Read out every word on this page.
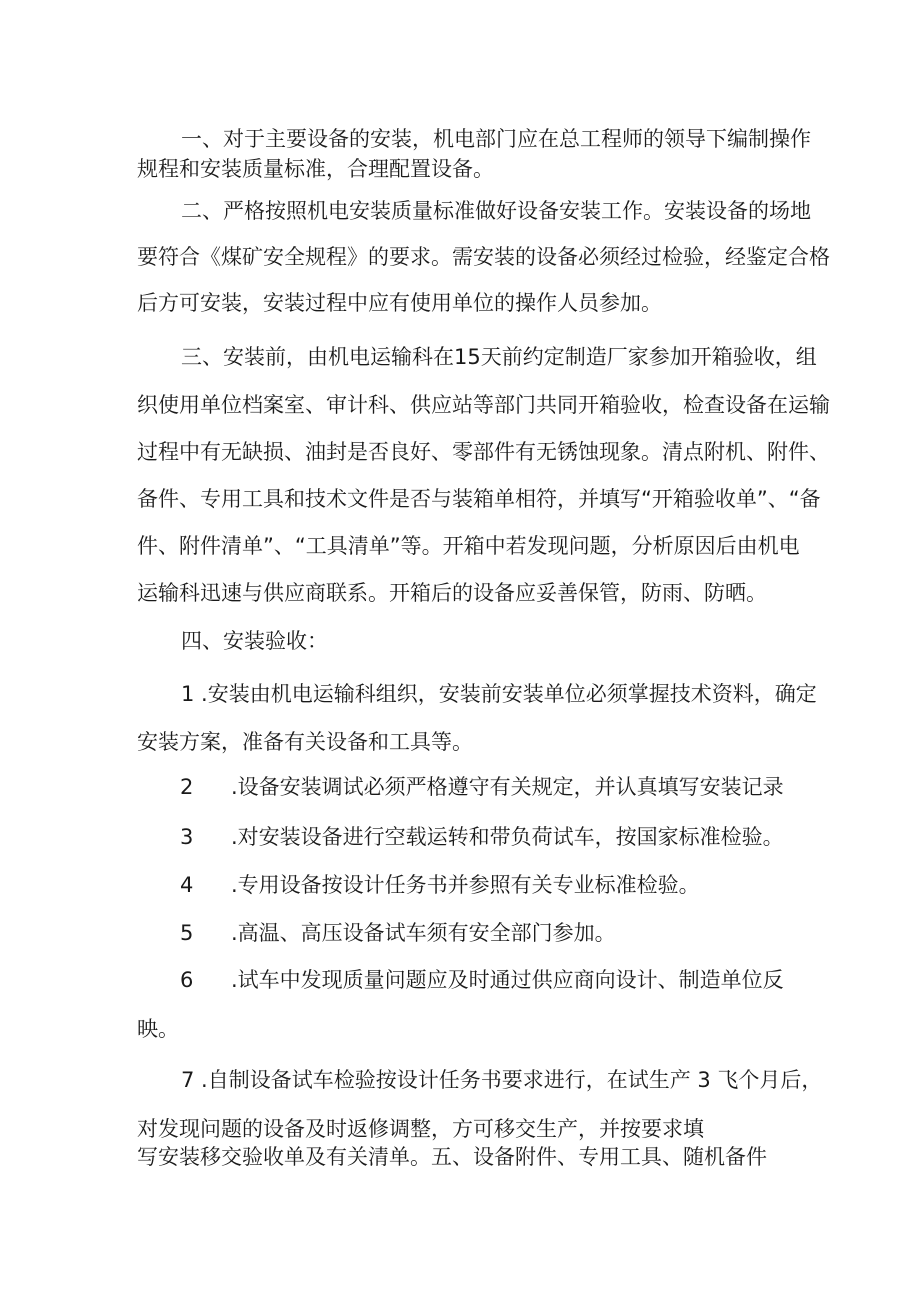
一、对于主要设备的安装，机电部门应在总工程师的领导下编制操作
规程和安装质量标准，合理配置设备。
二、严格按照机电安装质量标准做好设备安装工作。安装设备的场地
要符合《煤矿安全规程》的要求。需安装的设备必须经过检验，经鉴定合格
后方可安装，安装过程中应有使用单位的操作人员参加。
三、安装前，由机电运输科在15天前约定制造厂家参加开箱验收，组
织使用单位档案室、审计科、供应站等部门共同开箱验收，检查设备在运输
过程中有无缺损、油封是否良好、零部件有无锈蚀现象。清点附机、附件、
备件、专用工具和技术文件是否与装箱单相符，并填写“开箱验收单”、“备
件、附件清单”、“工具清单”等。开箱中若发现问题，分析原因后由机电
运输科迅速与供应商联系。开箱后的设备应妥善保管，防雨、防晒。
四、安装验收：
1 .安装由机电运输科组织，安装前安装单位必须掌握技术资料，确定
安装方案，准备有关设备和工具等。
2 .设备安装调试必须严格遵守有关规定，并认真填写安装记录
3 .对安装设备进行空载运转和带负荷试车，按国家标准检验。
4 .专用设备按设计任务书并参照有关专业标准检验。
5 .高温、高压设备试车须有安全部门参加。
6 .试车中发现质量问题应及时通过供应商向设计、制造单位反
映。
7 .自制设备试车检验按设计任务书要求进行，在试生产 3 飞个月后，
对发现问题的设备及时返修调整，方可移交生产，并按要求填
写安装移交验收单及有关清单。五、设备附件、专用工具、随机备件
